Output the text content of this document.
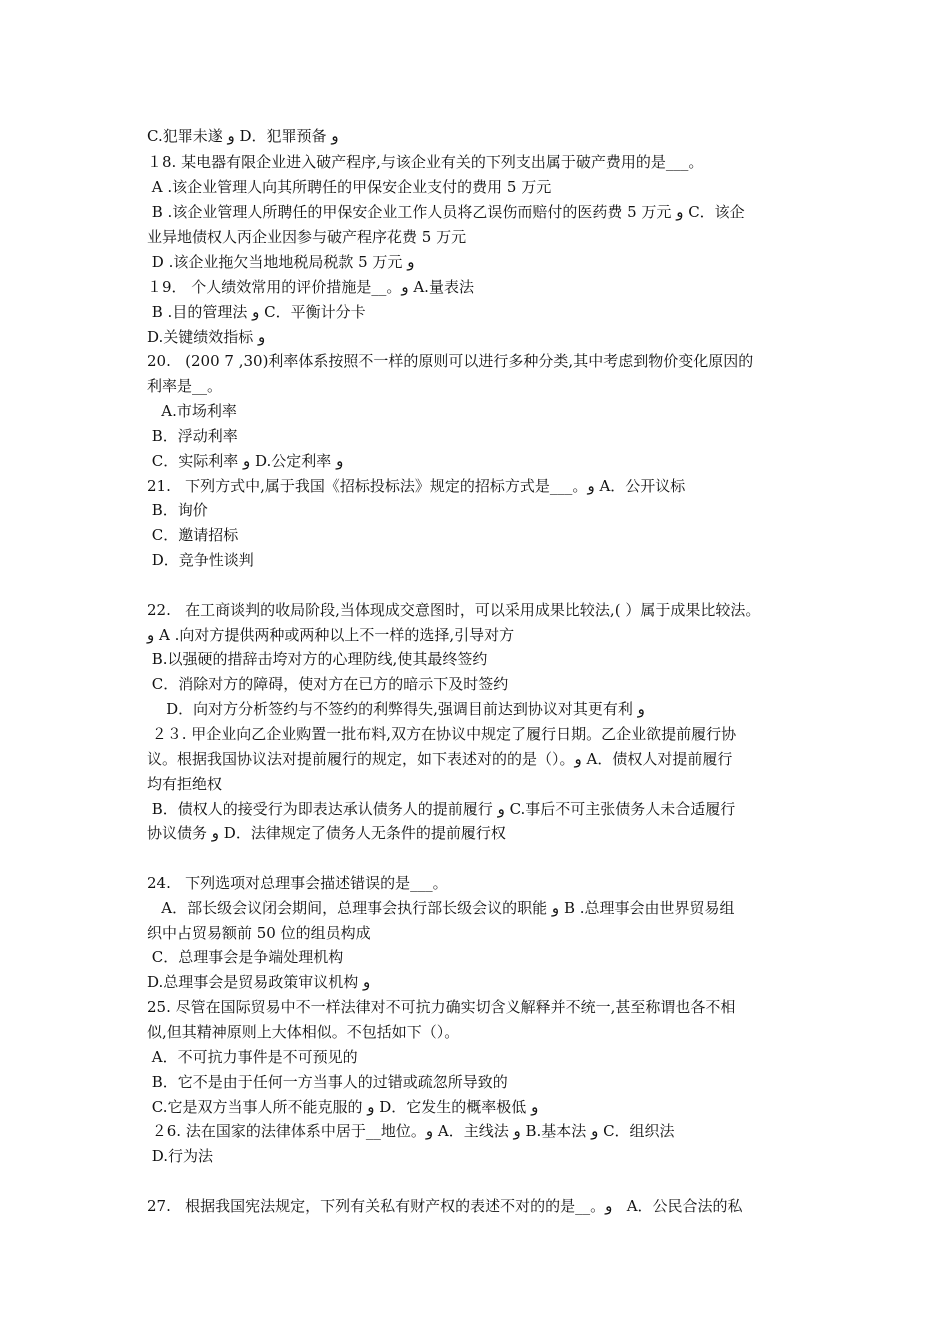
C.犯罪未遂 و D．犯罪预备 و
１8. 某电器有限企业进入破产程序,与该企业有关的下列支出属于破产费用的是___。
A .该企业管理人向其所聘任的甲保安企业支付的费用 5 万元
B .该企业管理人所聘任的甲保安企业工作人员将乙误伤而赔付的医药费 5 万元 و C．该企
业异地债权人丙企业因参与破产程序花费 5 万元
D .该企业拖欠当地地税局税款 5 万元 و
１9． 个人绩效常用的评价措施是__。و A.量表法
B .目的管理法 و C．平衡计分卡
D.关键绩效指标 و
20.   (200 7 ,30)利率体系按照不一样的原则可以进行多种分类,其中考虑到物价变化原因的
利率是__。
A.市场利率
B．浮动利率
C．实际利率 و D.公定利率 و
21.   下列方式中,属于我国《招标投标法》规定的招标方式是___。و A．公开议标
B．询价
C．邀请招标
D．竞争性谈判
22.   在工商谈判的收局阶段,当体现成交意图时，可以采用成果比较法,( ）属于成果比较法。
و A .向对方提供两种或两种以上不一样的选择,引导对方
B.以强硬的措辞击垮对方的心理防线,使其最终签约
C．消除对方的障碍，使对方在已方的暗示下及时签约
D．向对方分析签约与不签约的利弊得失,强调目前达到协议对其更有利 و
２３. 甲企业向乙企业购置一批布料,双方在协议中规定了履行日期。乙企业欲提前履行协
议。根据我国协议法对提前履行的规定，如下表述对的的是（）。و A．债权人对提前履行
均有拒绝权
B．债权人的接受行为即表达承认债务人的提前履行 و C.事后不可主张债务人未合适履行
协议债务 و D．法律规定了债务人无条件的提前履行权
24.   下列选项对总理事会描述错误的是___。
A．部长级会议闭会期间，总理事会执行部长级会议的职能 و B .总理事会由世界贸易组
织中占贸易额前 50 位的组员构成
C．总理事会是争端处理机构
D.总理事会是贸易政策审议机构 و
25. 尽管在国际贸易中不一样法律对不可抗力确实切含义解释并不统一,甚至称谓也各不相
似,但其精神原则上大体相似。不包括如下（）。
A．不可抗力事件是不可预见的
B．它不是由于任何一方当事人的过错或疏忽所导致的
C.它是双方当事人所不能克服的 و D．它发生的概率极低 و
２6. 法在国家的法律体系中居于__地位。و A．主线法 و B.基本法 و C．组织法
D.行为法
27.   根据我国宪法规定，下列有关私有财产权的表述不对的的是__。و   A．公民合法的私
